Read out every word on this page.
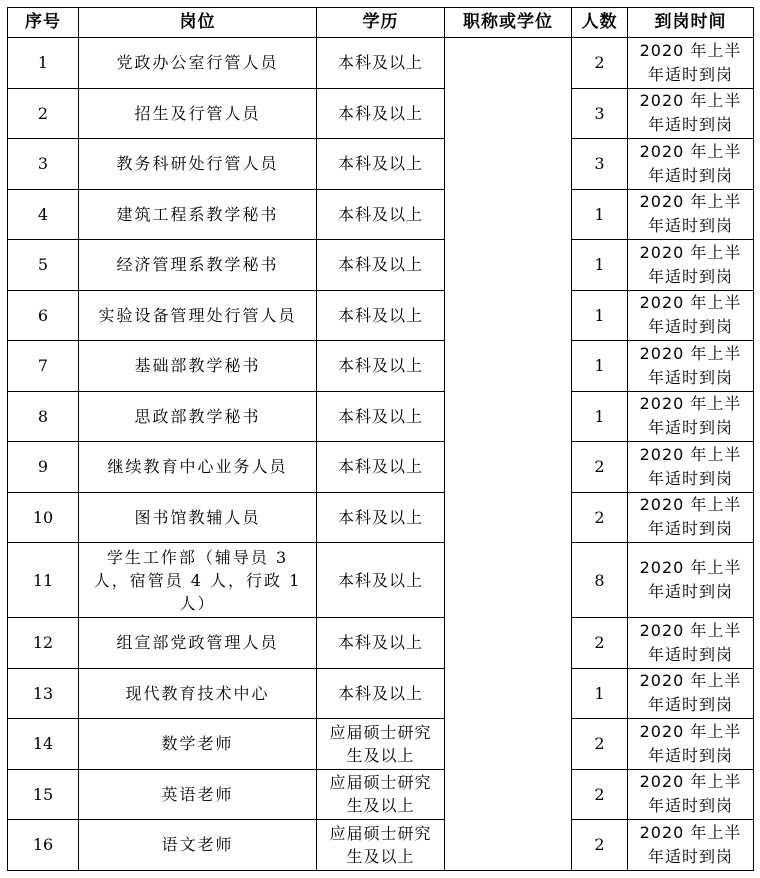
序号	岗位	学历	职称或学位	人数	到岗时间
1	党政办公室行管人员	本科及以上		2	2020 年上半
年适时到岗
2	招生及行管人员	本科及以上		3	2020 年上半
年适时到岗
3	教务科研处行管人员	本科及以上		3	2020 年上半
年适时到岗
4	建筑工程系教学秘书	本科及以上		1	2020 年上半
年适时到岗
5	经济管理系教学秘书	本科及以上		1	2020 年上半
年适时到岗
6	实验设备管理处行管人员	本科及以上		1	2020 年上半
年适时到岗
7	基础部教学秘书	本科及以上		1	2020 年上半
年适时到岗
8	思政部教学秘书	本科及以上		1	2020 年上半
年适时到岗
9	继续教育中心业务人员	本科及以上		2	2020 年上半
年适时到岗
10	图书馆教辅人员	本科及以上		2	2020 年上半
年适时到岗
11	学生工作部（辅导员 3 人，宿管员 4 人，行政 1 人）	本科及以上		8	2020 年上半
年适时到岗
12	组宣部党政管理人员	本科及以上		2	2020 年上半
年适时到岗
13	现代教育技术中心	本科及以上		1	2020 年上半
年适时到岗
14	数学老师	应届硕士研究生及以上		2	2020 年上半
年适时到岗
15	英语老师	应届硕士研究生及以上		2	2020 年上半
年适时到岗
16	语文老师	应届硕士研究生及以上		2	2020 年上半
年适时到岗
